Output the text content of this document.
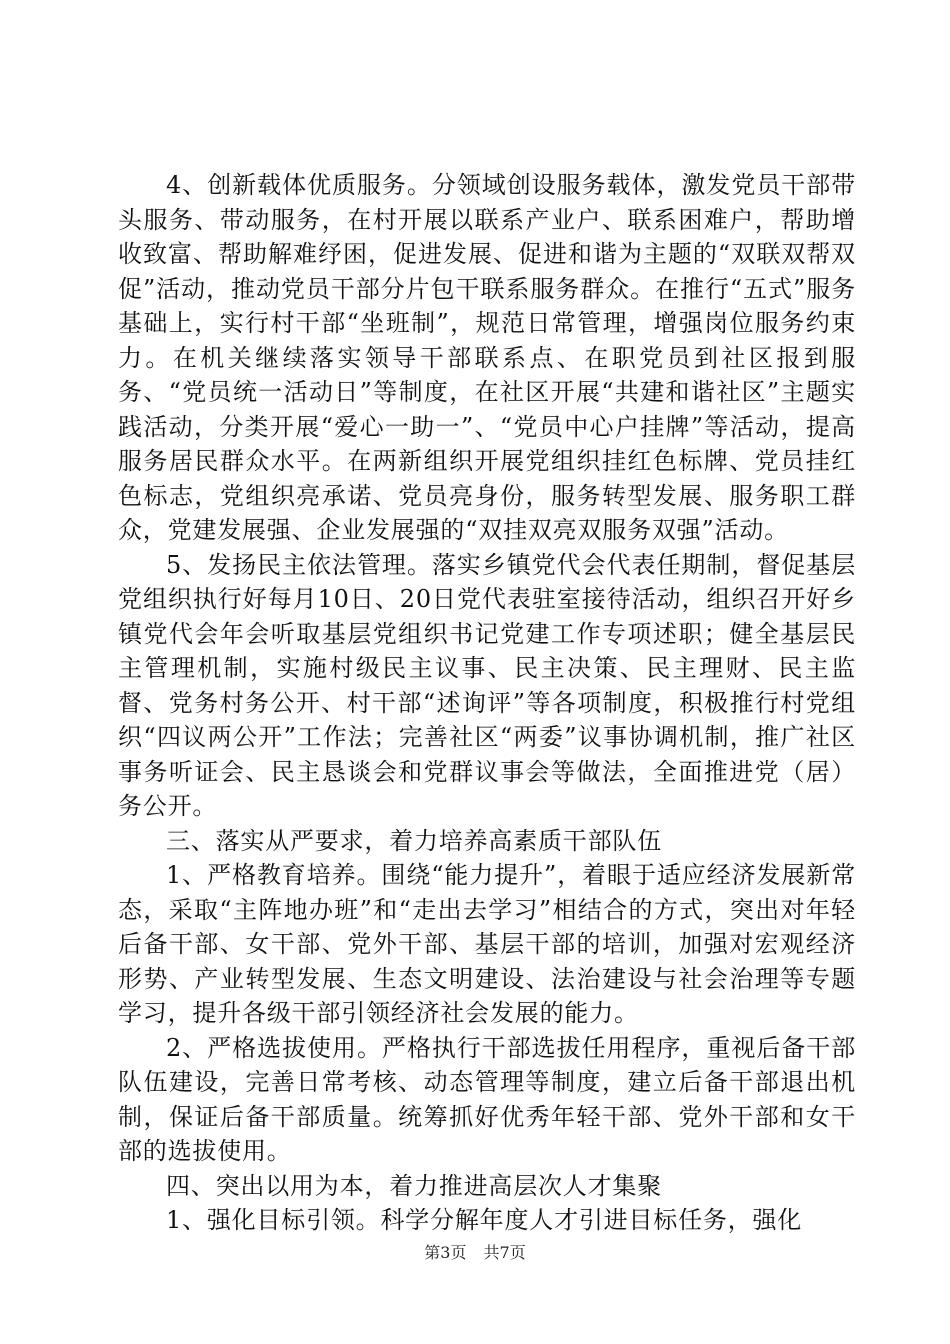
4、创新载体优质服务。分领域创设服务载体，激发党员干部带头服务、带动服务，在村开展以联系产业户、联系困难户，帮助增收致富、帮助解难纾困，促进发展、促进和谐为主题的“双联双帮双促”活动，推动党员干部分片包干联系服务群众。在推行“五式”服务基础上，实行村干部“坐班制”，规范日常管理，增强岗位服务约束力。在机关继续落实领导干部联系点、在职党员到社区报到服务、“党员统一活动日”等制度，在社区开展“共建和谐社区”主题实践活动，分类开展“爱心一助一”、“党员中心户挂牌”等活动，提高服务居民群众水平。在两新组织开展党组织挂红色标牌、党员挂红色标志，党组织亮承诺、党员亮身份，服务转型发展、服务职工群众，党建发展强、企业发展强的“双挂双亮双服务双强”活动。

5、发扬民主依法管理。落实乡镇党代会代表任期制，督促基层党组织执行好每月10日、20日党代表驻室接待活动，组织召开好乡镇党代会年会听取基层党组织书记党建工作专项述职；健全基层民主管理机制，实施村级民主议事、民主决策、民主理财、民主监督、党务村务公开、村干部“述询评”等各项制度，积极推行村党组织“四议两公开”工作法；完善社区“两委”议事协调机制，推广社区事务听证会、民主恳谈会和党群议事会等做法，全面推进党（居）务公开。

三、落实从严要求，着力培养高素质干部队伍

1、严格教育培养。围绕“能力提升”，着眼于适应经济发展新常态，采取“主阵地办班”和“走出去学习”相结合的方式，突出对年轻后备干部、女干部、党外干部、基层干部的培训，加强对宏观经济形势、产业转型发展、生态文明建设、法治建设与社会治理等专题学习，提升各级干部引领经济社会发展的能力。

2、严格选拔使用。严格执行干部选拔任用程序，重视后备干部队伍建设，完善日常考核、动态管理等制度，建立后备干部退出机制，保证后备干部质量。统筹抓好优秀年轻干部、党外干部和女干部的选拔使用。

四、突出以用为本，着力推进高层次人才集聚

1、强化目标引领。科学分解年度人才引进目标任务，强化

第3页 共7页
